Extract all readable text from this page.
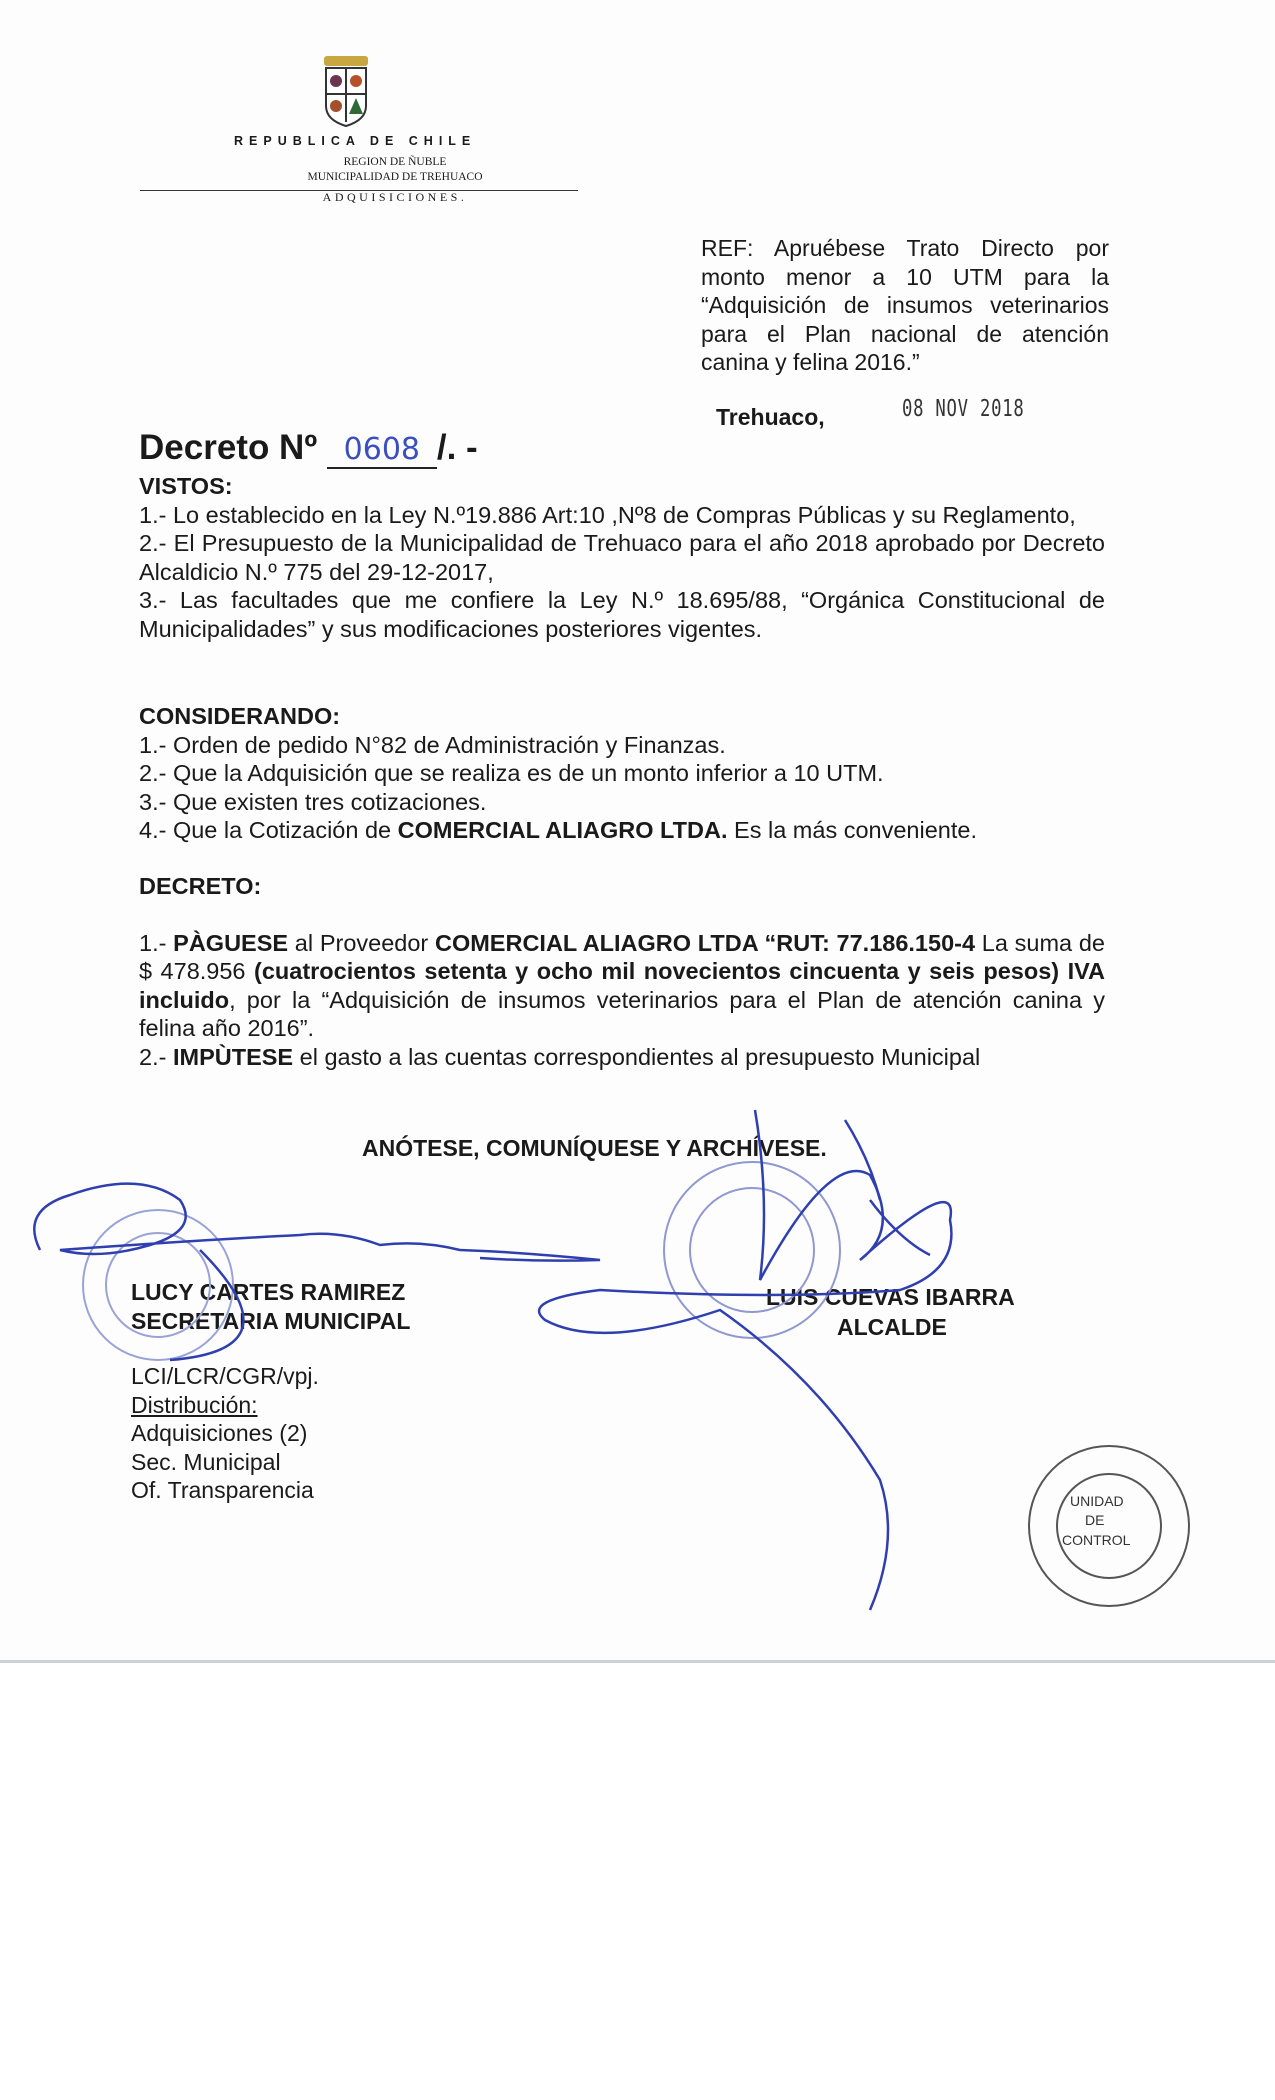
REPUBLICA DE CHILE
REGION DE ÑUBLE
MUNICIPALIDAD DE TREHUACO
ADQUISICIONES.
REF: Apruébese Trato Directo por monto menor a 10 UTM para la “Adquisición de insumos veterinarios para el Plan nacional de atención canina y felina 2016.”
Trehuaco,	08 NOV 2018
Decreto Nº 0608 /. -

VISTOS:

1.- Lo establecido en la Ley N.º19.886 Art:10 ,Nº8 de Compras Públicas y su Reglamento,

2.- El Presupuesto de la Municipalidad de Trehuaco para el año 2018 aprobado por Decreto Alcaldicio N.º 775 del 29-12-2017,

3.- Las facultades que me confiere la Ley N.º 18.695/88, “Orgánica Constitucional de Municipalidades” y sus modificaciones posteriores vigentes.

CONSIDERANDO:

1.- Orden de pedido N°82 de Administración y Finanzas.

2.- Que la Adquisición que se realiza es de un monto inferior a 10 UTM.

3.- Que existen tres cotizaciones.

4.- Que la Cotización de COMERCIAL ALIAGRO LTDA. Es la más conveniente.

DECRETO:

1.- PÀGUESE al Proveedor COMERCIAL ALIAGRO LTDA “RUT: 77.186.150-4 La suma de $ 478.956 (cuatrocientos setenta y ocho mil novecientos cincuenta y seis pesos) IVA incluido, por la “Adquisición de insumos veterinarios para el Plan de atención canina y felina año 2016”.

2.- IMPÙTESE el gasto a las cuentas correspondientes al presupuesto Municipal

ANÓTESE, COMUNÍQUESE Y ARCHÍVESE.
LUCY CARTES RAMIREZ
SECRETARIA MUNICIPAL
LUIS CUEVAS IBARRA
ALCALDE
LCI/LCR/CGR/vpj.
Distribución:
Adquisiciones (2)
Sec. Municipal
Of. Transparencia	UNIDAD
DE
CONTROL
